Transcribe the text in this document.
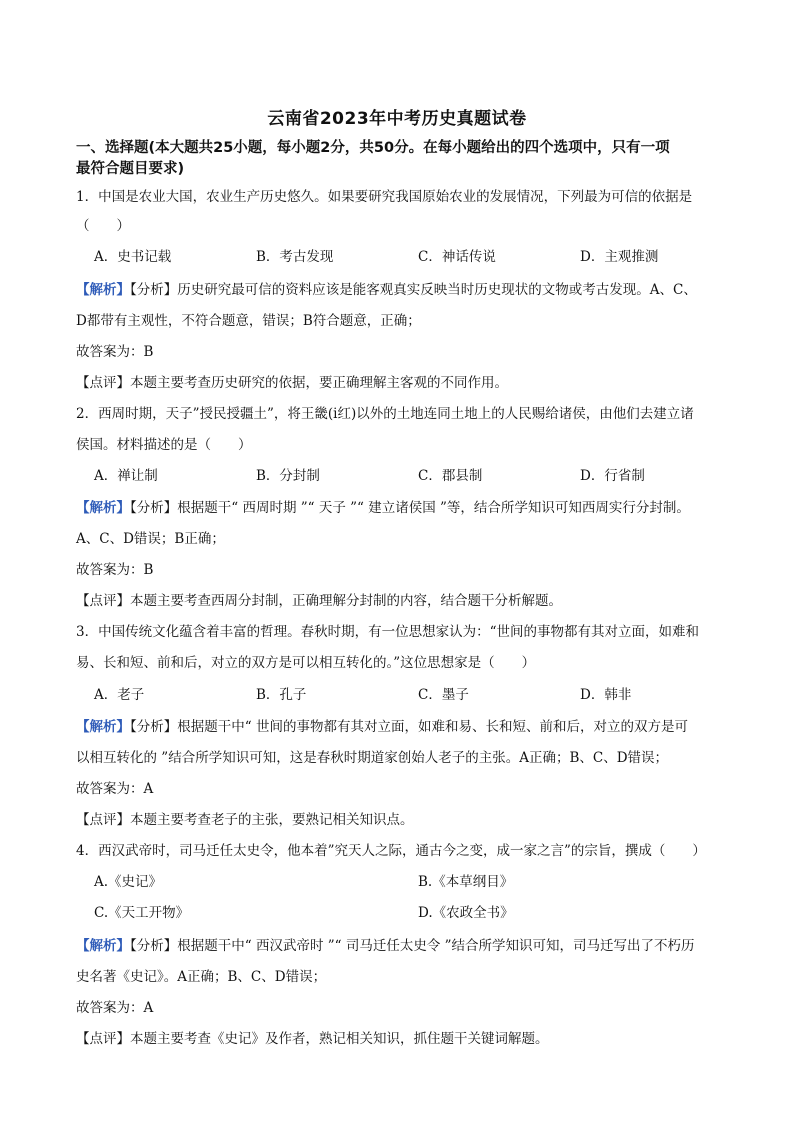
云南省2023年中考历史真题试卷
一、选择题(本大题共25小题，每小题2分，共50分。在每小题给出的四个选项中，只有一项
最符合题目要求)
1．中国是农业大国，农业生产历史悠久。如果要研究我国原始农业的发展情况，下列最为可信的依据是
（　　）
A．史书记载	B．考古发现	C．神话传说	D．主观推测
【解析】【分析】历史研究最可信的资料应该是能客观真实反映当时历史现状的文物或考古发现。A、C、
D都带有主观性，不符合题意，错误；B符合题意，正确；
故答案为：B
【点评】本题主要考查历史研究的依据，要正确理解主客观的不同作用。
2．西周时期，天子”授民授疆土”，将王畿(i红)以外的土地连同土地上的人民赐给诸侯，由他们去建立诸
侯国。材料描述的是（　　）
A．禅让制	B．分封制	C．郡县制	D．行省制
【解析】【分析】根据题干“ 西周时期 ”“ 天子 ”“ 建立诸侯国 ”等，结合所学知识可知西周实行分封制。
A、C、D错误；B正确；
故答案为：B
【点评】本题主要考查西周分封制，正确理解分封制的内容，结合题干分析解题。
3．中国传统文化蕴含着丰富的哲理。春秋时期，有一位思想家认为：“世间的事物都有其对立面，如难和
易、长和短、前和后，对立的双方是可以相互转化的。”这位思想家是（　　）
A．老子	B．孔子	C．墨子	D．韩非
【解析】【分析】根据题干中“ 世间的事物都有其对立面，如难和易、长和短、前和后，对立的双方是可
以相互转化的 ”结合所学知识可知，这是春秋时期道家创始人老子的主张。A正确；B、C、D错误；
故答案为：A
【点评】本题主要考查老子的主张，要熟记相关知识点。
4．西汉武帝时，司马迁任太史令，他本着”究天人之际，通古今之变，成一家之言”的宗旨，撰成（　　）
A.《史记》	B.《本草纲目》
C.《天工开物》	D.《农政全书》
【解析】【分析】根据题干中“ 西汉武帝时 ”“ 司马迁任太史令 ”结合所学知识可知，司马迁写出了不朽历
史名著《史记》。A正确；B、C、D错误；
故答案为：A
【点评】本题主要考查《史记》及作者，熟记相关知识，抓住题干关键词解题。
